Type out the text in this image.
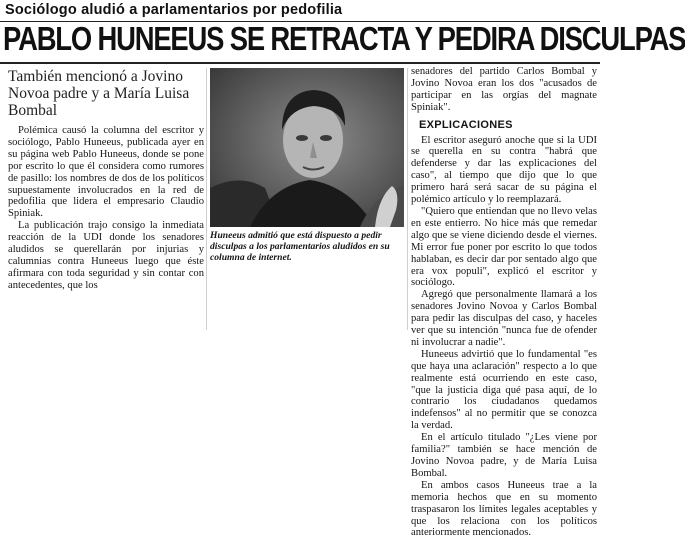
Sociólogo aludió a parlamentarios por pedofilia
PABLO HUNEEUS SE RETRACTA Y PEDIRA DISCULPAS
También mencionó a Jovino Novoa padre y a María Luisa Bombal

Polémica causó la columna del escritor y sociólogo, Pablo Huneeus, publicada ayer en su página web Pablo Huneeus, donde se pone por escrito lo que él considera como rumores de pasillo: los nombres de dos de los políticos supuestamente involucrados en la red de pedofilia que lidera el empresario Claudio Spiniak.

La publicación trajo consigo la inmediata reacción de la UDI donde los senadores aludidos se querellarán por injurias y calumnias contra Huneeus luego que éste afirmara con toda seguridad y sin contar con antecedentes, que los

Huneeus admitió que está dispuesto a pedir disculpas a los parlamentarios aludidos en su columna de internet.

senadores del partido Carlos Bombal y Jovino Novoa eran los dos "acusados de participar en las orgías del magnate Spiniak".

EXPLICACIONES

El escritor aseguró anoche que si la UDI se querella en su contra "habrá que defenderse y dar las explicaciones del caso", al tiempo que dijo que lo que primero hará será sacar de su página el polémico artículo y lo reemplazará.

"Quiero que entiendan que no llevo velas en este entierro. No hice más que remedar algo que se viene diciendo desde el viernes. Mi error fue poner por escrito lo que todos hablaban, es decir dar por sentado algo que era vox populi", explicó el escritor y sociólogo.

Agregó que personalmente llamará a los senadores Jovino Novoa y Carlos Bombal para pedir las disculpas del caso, y haceles ver que su intención "nunca fue de ofender ni involucrar a nadie".

Huneeus advirtió que lo fundamental "es que haya una aclaración" respecto a lo que realmente está ocurriendo en este caso, "que la justicia diga qué pasa aquí, de lo contrario los ciudadanos quedamos indefensos" al no permitir que se conozca la verdad.

En el artículo titulado "¿Les viene por familia?" también se hace mención de Jovino Novoa padre, y de María Luisa Bombal.

En ambos casos Huneeus trae a la memoria hechos que en su momento traspasaron los límites legales aceptables y que los relaciona con los políticos anteriormente mencionados.
